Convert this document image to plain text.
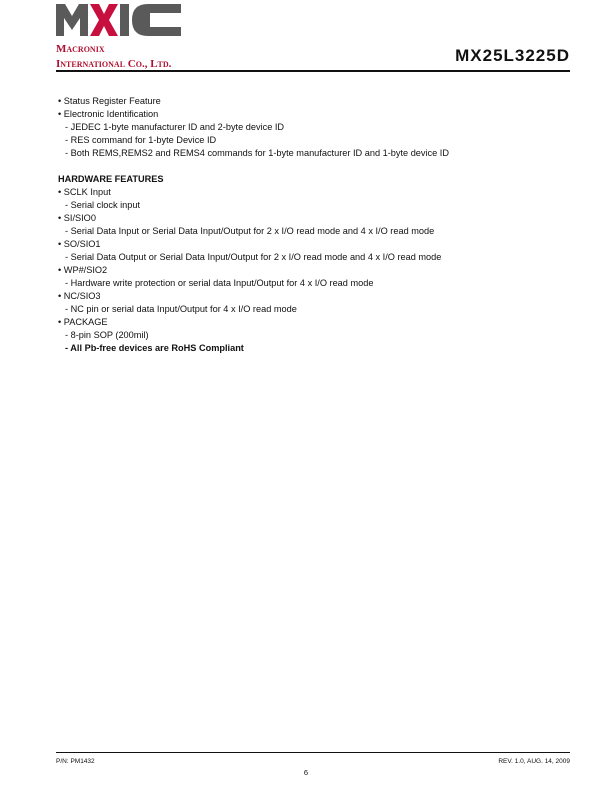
Macronix
International Co., Ltd.	MX25L3225D
• Status Register Feature
• Electronic Identification
- JEDEC 1-byte manufacturer ID and 2-byte device ID
- RES command for 1-byte Device ID
- Both REMS,REMS2 and REMS4 commands for 1-byte manufacturer ID and 1-byte device ID
HARDWARE FEATURES
• SCLK Input
- Serial clock input
• SI/SIO0
- Serial Data Input or Serial Data Input/Output for 2 x I/O read mode and 4 x I/O read mode
• SO/SIO1
- Serial Data Output or Serial Data Input/Output for 2 x I/O read mode and 4 x I/O read mode
• WP#/SIO2
- Hardware write protection or serial data Input/Output for 4 x I/O read mode
• NC/SIO3
- NC pin or serial data Input/Output for 4 x I/O read mode
• PACKAGE
- 8-pin SOP (200mil)
- All Pb-free devices are RoHS Compliant
P/N: PM1432	REV. 1.0, AUG. 14, 2009
6
